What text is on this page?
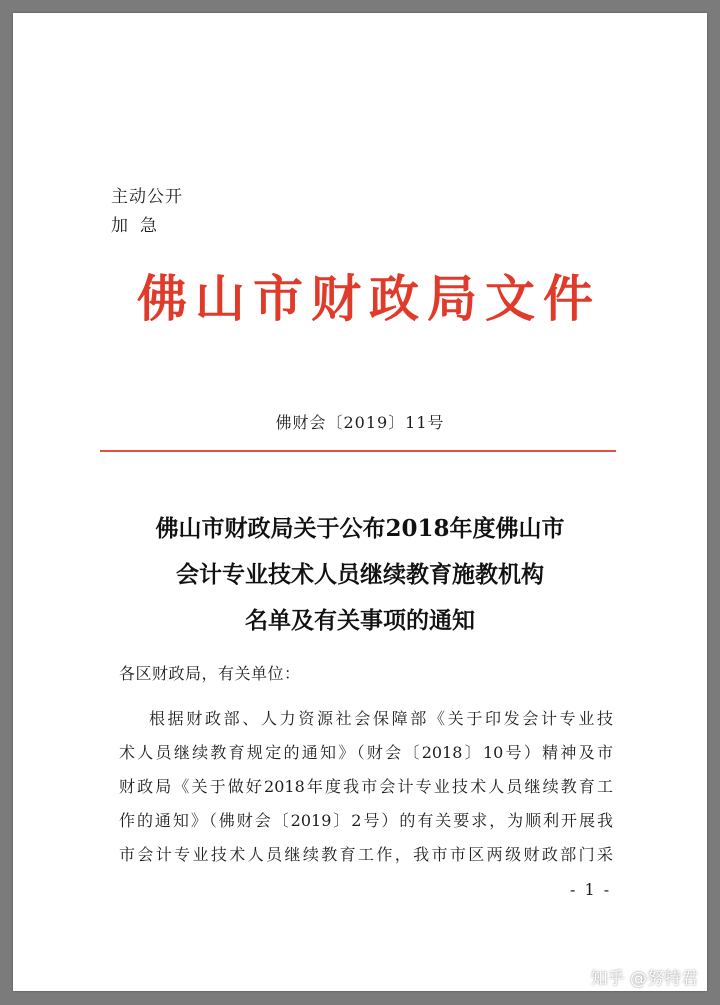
主动公开
加急
佛山市财政局文件
佛财会〔2019〕11号
佛山市财政局关于公布2018年度佛山市
会计专业技术人员继续教育施教机构
名单及有关事项的通知
各区财政局，有关单位：
根据财政部、人力资源社会保障部《关于印发会计专业技
术人员继续教育规定的通知》（财会〔2018〕10号）精神及市
财政局《关于做好2018年度我市会计专业技术人员继续教育工
作的通知》（佛财会〔2019〕2号）的有关要求，为顺利开展我
市会计专业技术人员继续教育工作，我市市区两级财政部门采
- 1 -
知乎 @努特君
